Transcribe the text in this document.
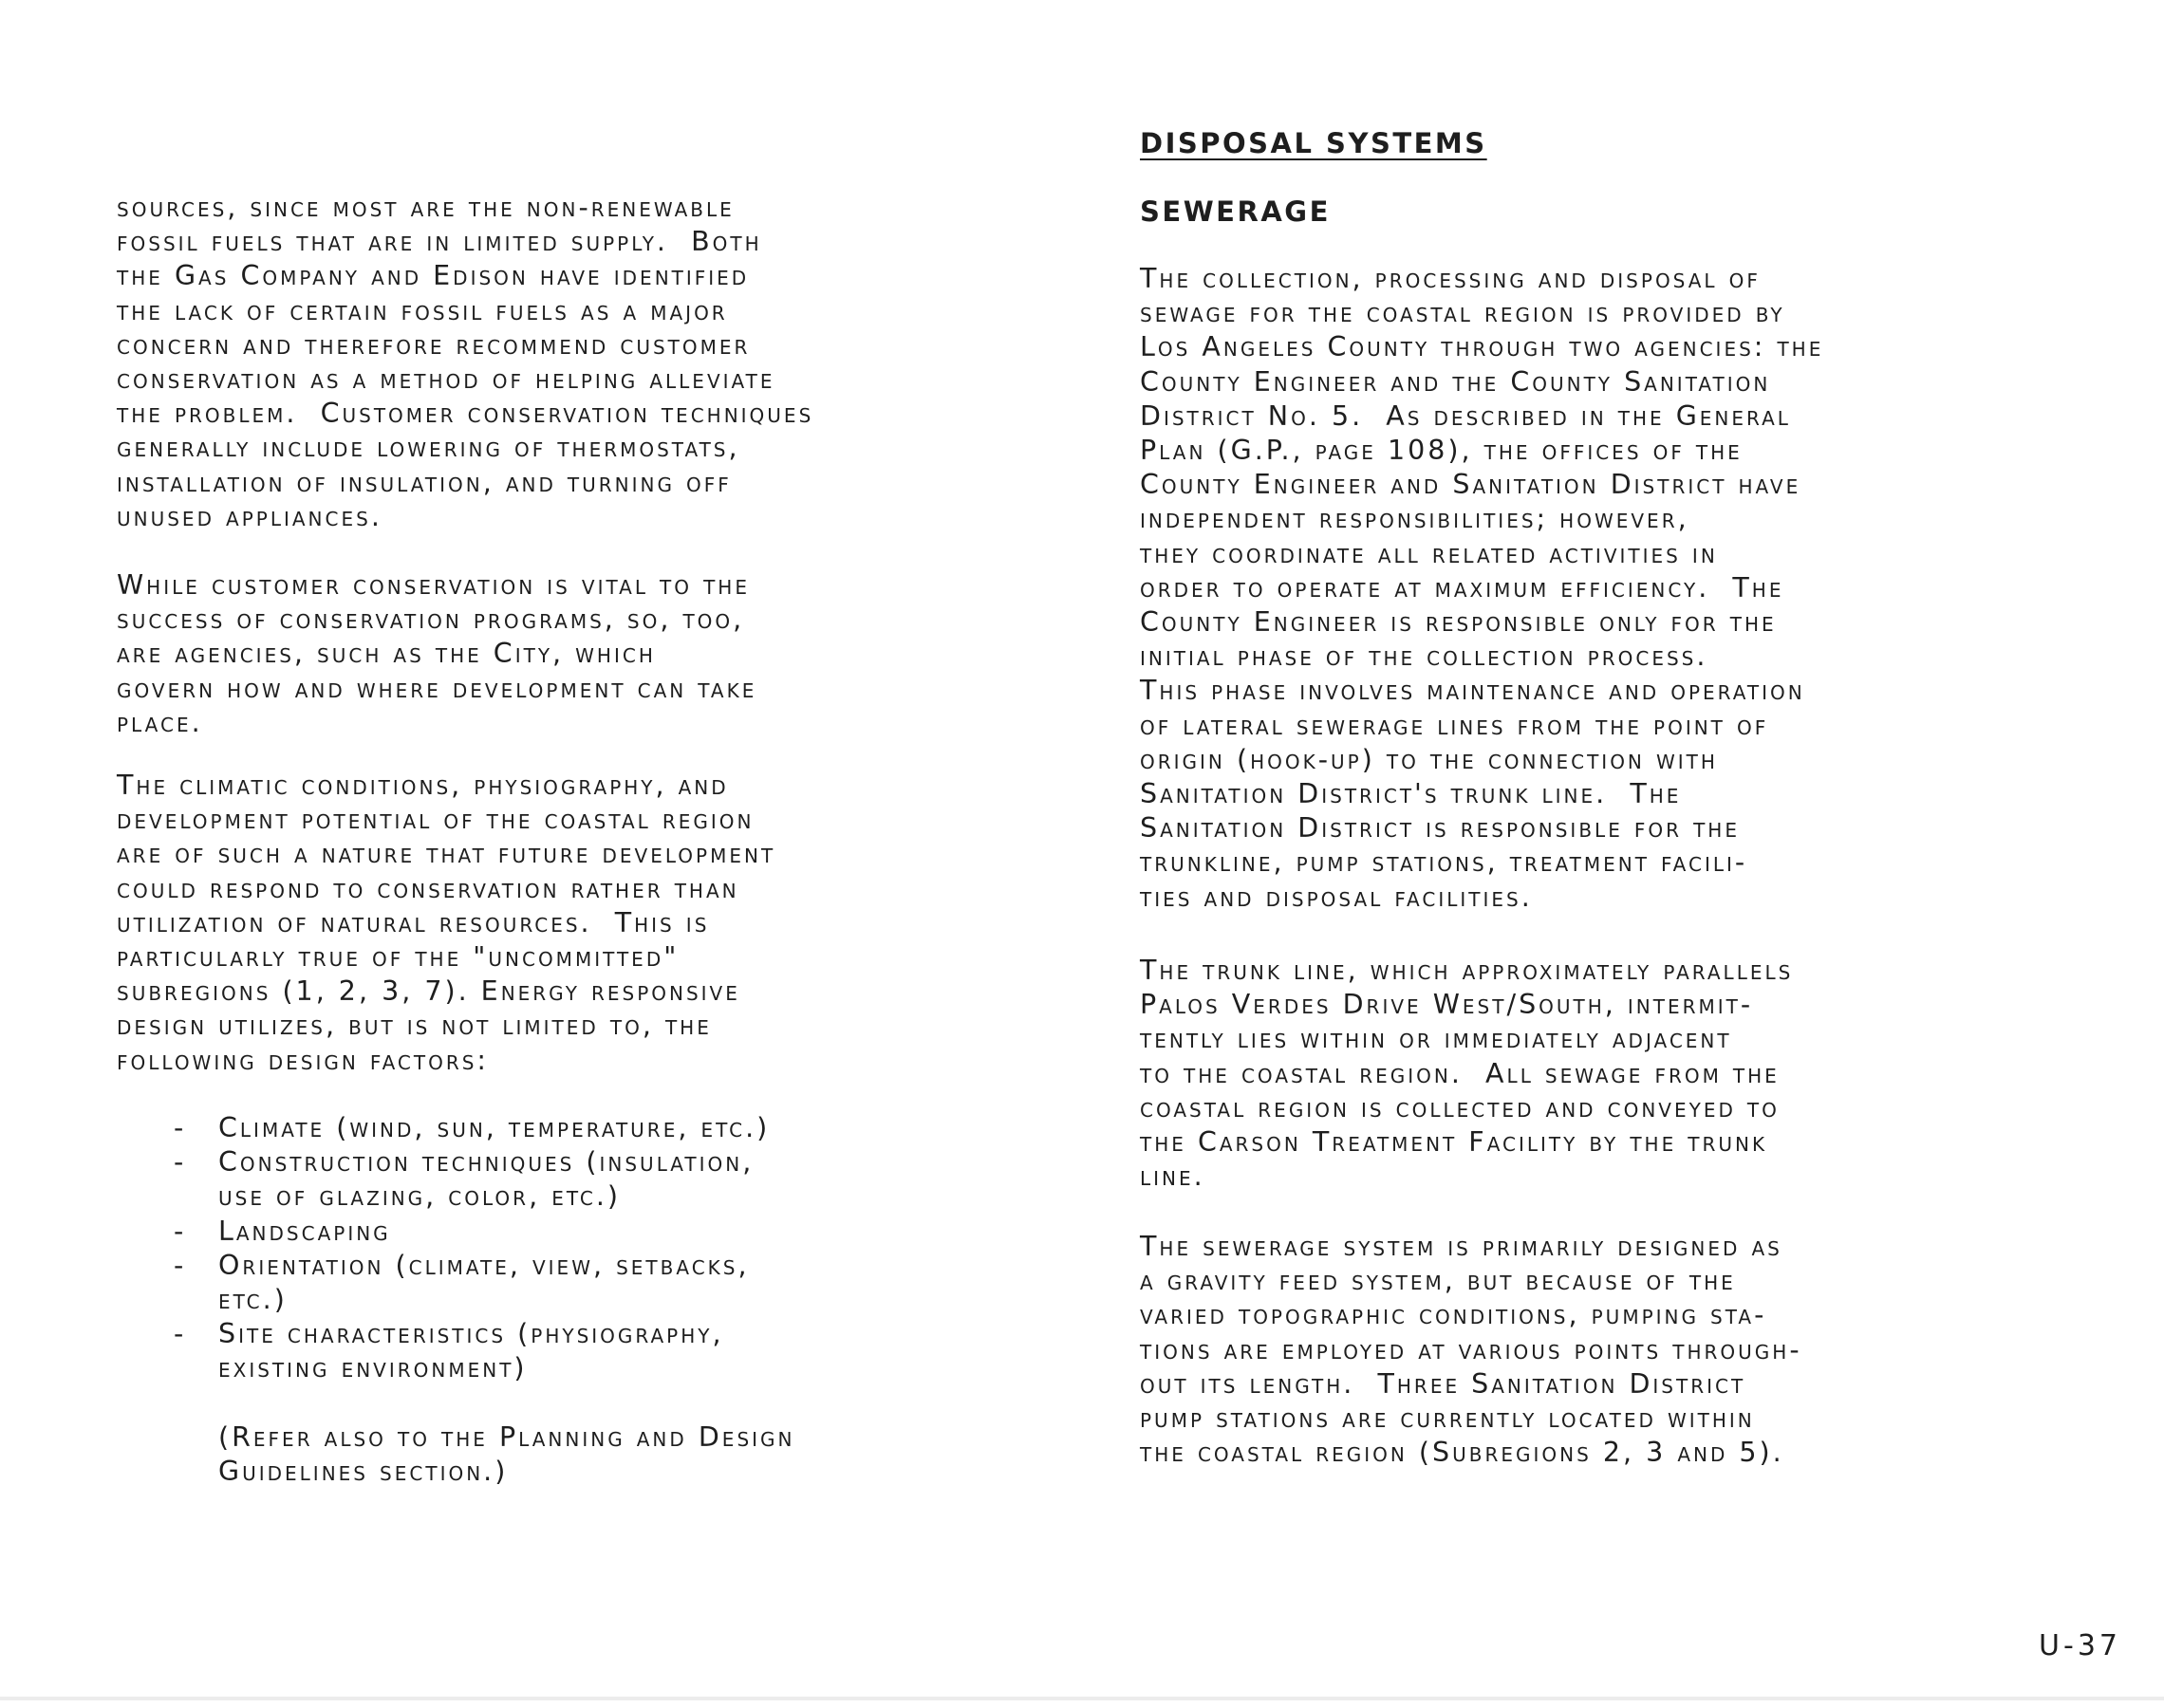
sources, since most are the non-renewable
fossil fuels that are in limited supply.  Both
the Gas Company and Edison have identified
the lack of certain fossil fuels as a major
concern and therefore recommend customer
conservation as a method of helping alleviate
the problem.  Customer conservation techniques
generally include lowering of thermostats,
installation of insulation, and turning off
unused appliances.

While customer conservation is vital to the
success of conservation programs, so, too,
are agencies, such as the City, which
govern how and where development can take
place.

The climatic conditions, physiography, and
development potential of the coastal region
are of such a nature that future development
could respond to conservation rather than
utilization of natural resources.  This is
particularly true of the "uncommitted"
subregions (1, 2, 3, 7). Energy responsive
design utilizes, but is not limited to, the
following design factors:

- Climate (wind, sun, temperature, etc.)
- Construction techniques (insulation,
use of glazing, color, etc.)
- Landscaping
- Orientation (climate, view, setbacks,
etc.)
- Site characteristics (physiography,
existing environment)

(Refer also to the Planning and Design
Guidelines section.)

DISPOSAL SYSTEMS
SEWERAGE

The collection, processing and disposal of
sewage for the coastal region is provided by
Los Angeles County through two agencies: the
County Engineer and the County Sanitation
District No. 5.  As described in the General
Plan (G.P., page 108), the offices of the
County Engineer and Sanitation District have
independent responsibilities; however,
they coordinate all related activities in
order to operate at maximum efficiency.  The
County Engineer is responsible only for the
initial phase of the collection process.
This phase involves maintenance and operation
of lateral sewerage lines from the point of
origin (hook-up) to the connection with
Sanitation District's trunk line.  The
Sanitation District is responsible for the
trunkline, pump stations, treatment facili-
ties and disposal facilities.

The trunk line, which approximately parallels
Palos Verdes Drive West/South, intermit-
tently lies within or immediately adjacent
to the coastal region.  All sewage from the
coastal region is collected and conveyed to
the Carson Treatment Facility by the trunk
line.

The sewerage system is primarily designed as
a gravity feed system, but because of the
varied topographic conditions, pumping sta-
tions are employed at various points through-
out its length.  Three Sanitation District
pump stations are currently located within
the coastal region (Subregions 2, 3 and 5).

U-37
